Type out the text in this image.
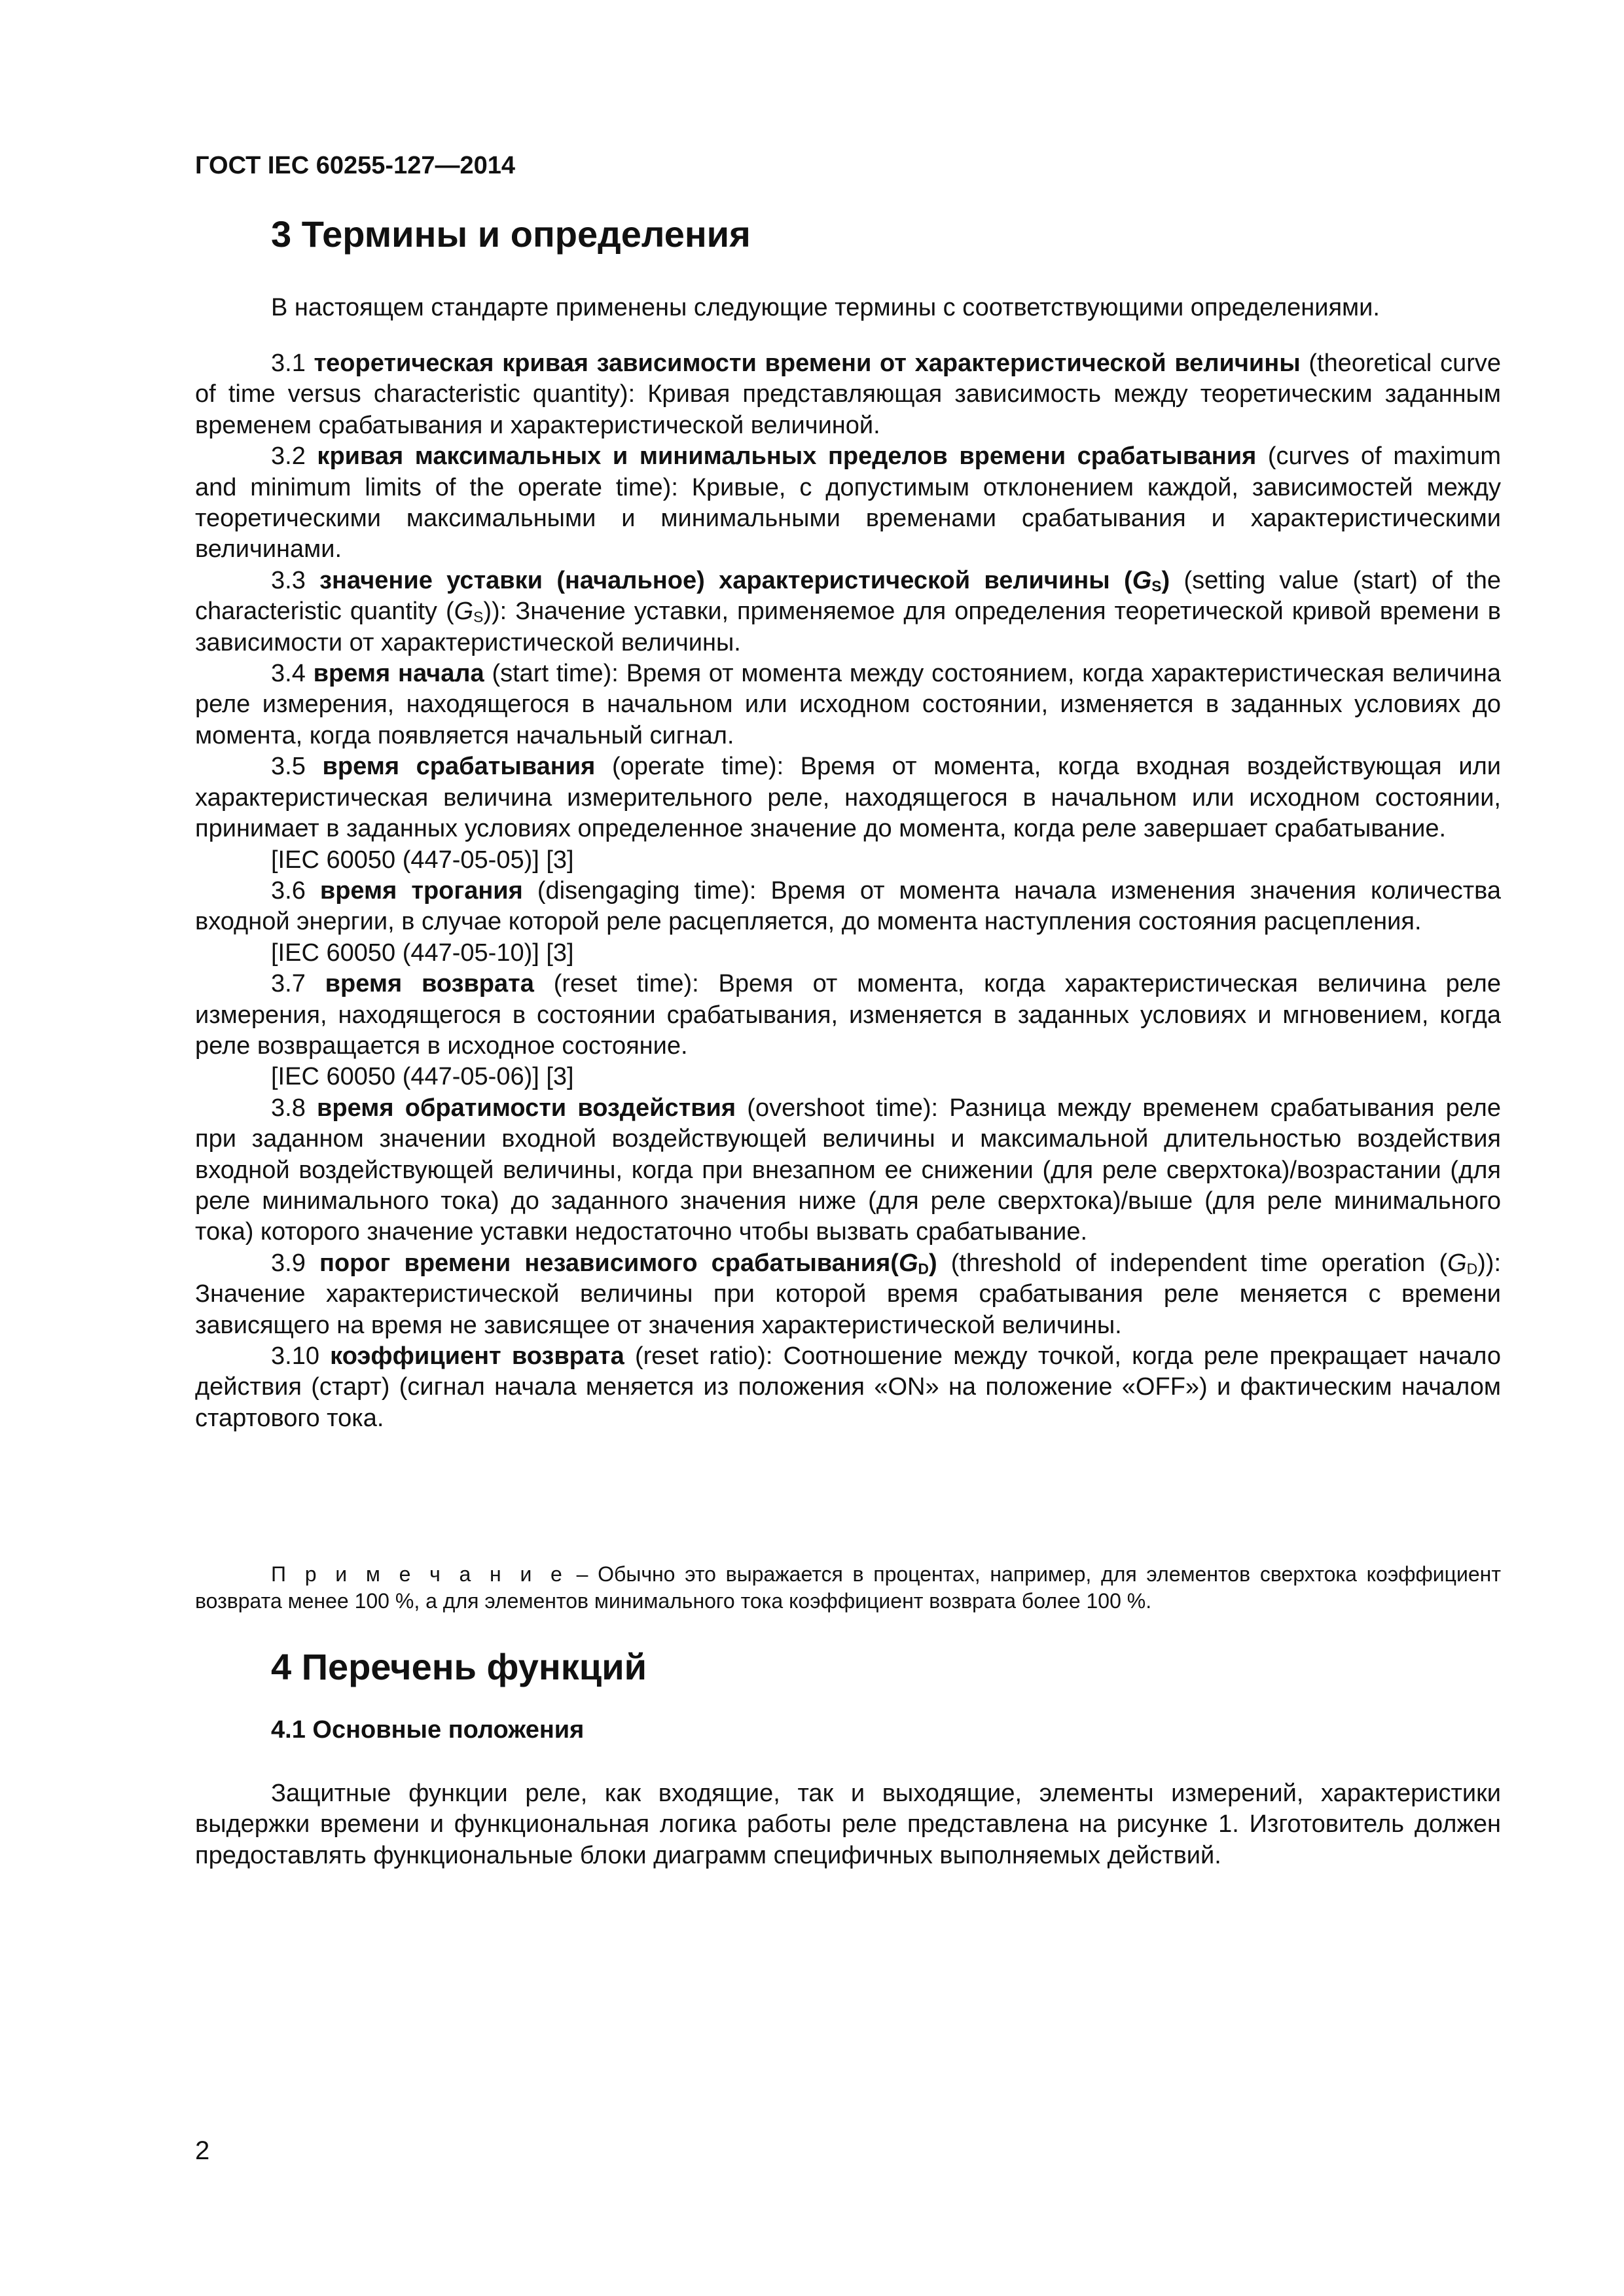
ГОСТ IEC 60255-127—2014

3 Термины и определения

В настоящем стандарте применены следующие термины с соответствующими определениями.

3.1 теоретическая кривая зависимости времени от характеристической величины (theoretical curve of time versus characteristic quantity): Кривая представляющая зависимость между теоретическим заданным временем срабатывания и характеристической величиной.

3.2 кривая максимальных и минимальных пределов времени срабатывания (curves of maximum and minimum limits of the operate time): Кривые, с допустимым отклонением каждой, зависимостей между теоретическими максимальными и минимальными временами срабатывания и характеристическими величинами.

3.3 значение уставки (начальное) характеристической величины $(G_S)$ (setting value (start) of the characteristic quantity $(G_S)$): Значение уставки, применяемое для определения теоретической кривой времени в зависимости от характеристической величины.

3.4 время начала (start time): Время от момента между состоянием, когда характеристическая величина реле измерения, находящегося в начальном или исходном состоянии, изменяется в заданных условиях до момента, когда появляется начальный сигнал.

3.5 время срабатывания (operate time): Время от момента, когда входная воздействующая или характеристическая величина измерительного реле, находящегося в начальном или исходном состоянии, принимает в заданных условиях определенное значение до момента, когда реле завершает срабатывание.

[IEC 60050 (447-05-05)] [3]

3.6 время трогания (disengaging time): Время от момента начала изменения значения количества входной энергии, в случае которой реле расцепляется, до момента наступления состояния расцепления.

[IEC 60050 (447-05-10)] [3]

3.7 время возврата (reset time): Время от момента, когда характеристическая величина реле измерения, находящегося в состоянии срабатывания, изменяется в заданных условиях и мгновением, когда реле возвращается в исходное состояние.

[IEC 60050 (447-05-06)] [3]

3.8 время обратимости воздействия (overshoot time): Разница между временем срабатывания реле при заданном значении входной воздействующей величины и максимальной длительностью воздействия входной воздействующей величины, когда при внезапном ее снижении (для реле сверхтока)/возрастании (для реле минимального тока) до заданного значения ниже (для реле сверхтока)/выше (для реле минимального тока) которого значение уставки недостаточно чтобы вызвать срабатывание.

3.9 порог времени независимого $срабатывания(G_D)$ (threshold of independent time operation $(G_D)$): Значение характеристической величины при которой время срабатывания реле меняется с времени зависящего на время не зависящее от значения характеристической величины.

3.10 коэффициент возврата (reset ratio): Соотношение между точкой, когда реле прекращает начало действия (старт) (сигнал начала меняется из положения «ON» на положение «OFF») и фактическим началом стартового тока.

П р и м е ч а н и е – Обычно это выражается в процентах, например, для элементов сверхтока коэффициент возврата менее 100 %, а для элементов минимального тока коэффициент возврата более 100 %.

4 Перечень функций
4.1 Основные положения

Защитные функции реле, как входящие, так и выходящие, элементы измерений, характеристики выдержки времени и функциональная логика работы реле представлена на рисунке 1. Изготовитель должен предоставлять функциональные блоки диаграмм специфичных выполняемых действий.

2
